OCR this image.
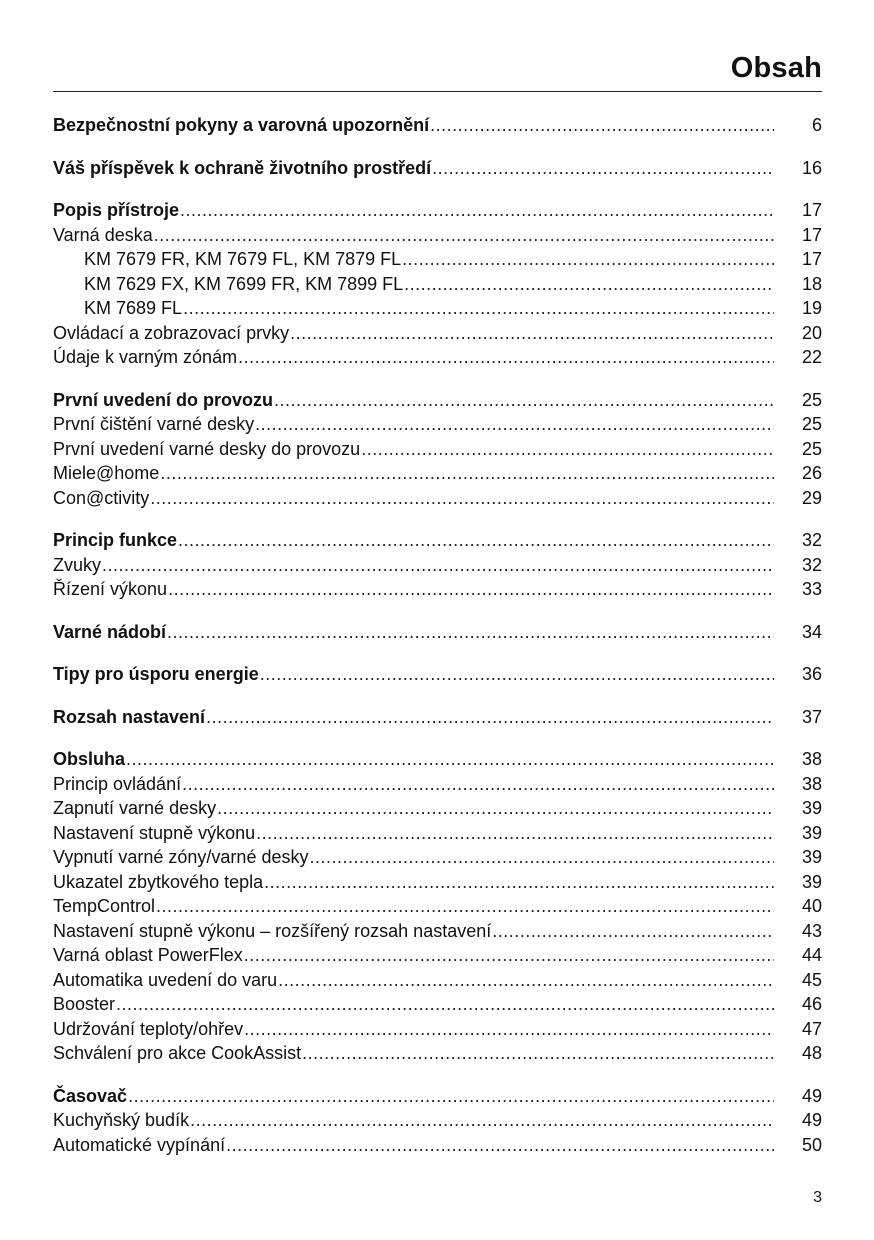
Obsah
Bezpečnostní pokyny a varovná upozornění .....	6
Váš příspěvek k ochraně životního prostředí .....	16
Popis přístroje .....	17
Varná deska .....	17
KM 7679 FR, KM 7679 FL, KM 7879 FL .....	17
KM 7629 FX, KM 7699 FR, KM 7899 FL .....	18
KM 7689 FL .....	19
Ovládací a zobrazovací prvky .....	20
Údaje k varným zónám .....	22
První uvedení do provozu .....	25
První čištění varné desky .....	25
První uvedení varné desky do provozu .....	25
Miele@home .....	26
Con@ctivity .....	29
Princip funkce .....	32
Zvuky .....	32
Řízení výkonu .....	33
Varné nádobí .....	34
Tipy pro úsporu energie .....	36
Rozsah nastavení .....	37
Obsluha .....	38
Princip ovládání .....	38
Zapnutí varné desky .....	39
Nastavení stupně výkonu .....	39
Vypnutí varné zóny/varné desky .....	39
Ukazatel zbytkového tepla .....	39
TempControl .....	40
Nastavení stupně výkonu – rozšířený rozsah nastavení .....	43
Varná oblast PowerFlex .....	44
Automatika uvedení do varu .....	45
Booster .....	46
Udržování teploty/ohřev .....	47
Schválení pro akce CookAssist .....	48
Časovač .....	49
Kuchyňský budík .....	49
Automatické vypínání .....	50
3
